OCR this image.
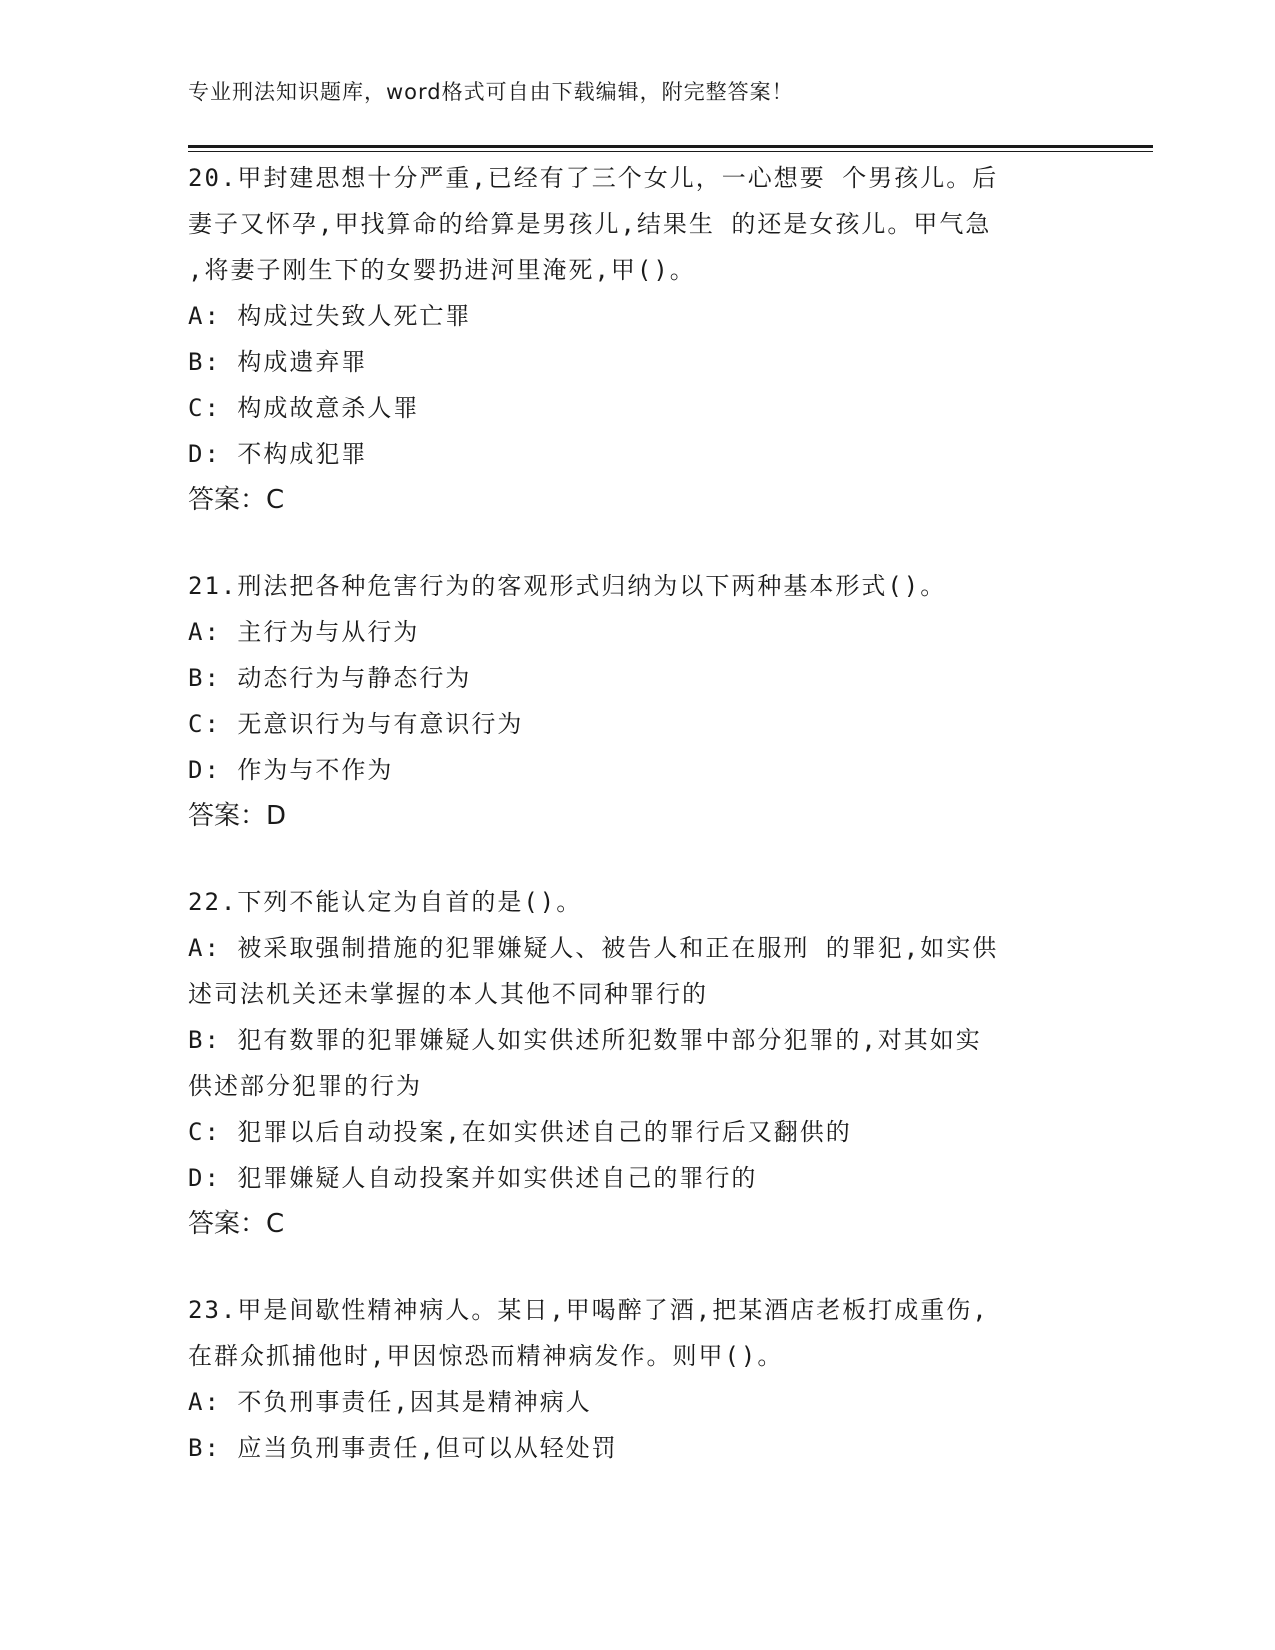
专业刑法知识题库，word格式可自由下载编辑，附完整答案！
20.甲封建思想十分严重,已经有了三个女儿，一心想要 个男孩儿。后
妻子又怀孕,甲找算命的给算是男孩儿,结果生 的还是女孩儿。甲气急
,将妻子刚生下的女婴扔进河里淹死,甲()。
A: 构成过失致人死亡罪
B: 构成遗弃罪
C: 构成故意杀人罪
D: 不构成犯罪
答案：C
21.刑法把各种危害行为的客观形式归纳为以下两种基本形式()。
A: 主行为与从行为
B: 动态行为与静态行为
C: 无意识行为与有意识行为
D: 作为与不作为
答案：D
22.下列不能认定为自首的是()。
A: 被采取强制措施的犯罪嫌疑人、被告人和正在服刑 的罪犯,如实供
述司法机关还未掌握的本人其他不同种罪行的
B: 犯有数罪的犯罪嫌疑人如实供述所犯数罪中部分犯罪的,对其如实
供述部分犯罪的行为
C: 犯罪以后自动投案,在如实供述自己的罪行后又翻供的
D: 犯罪嫌疑人自动投案并如实供述自己的罪行的
答案：C
23.甲是间歇性精神病人。某日,甲喝醉了酒,把某酒店老板打成重伤,
在群众抓捕他时,甲因惊恐而精神病发作。则甲()。
A: 不负刑事责任,因其是精神病人
B: 应当负刑事责任,但可以从轻处罚
